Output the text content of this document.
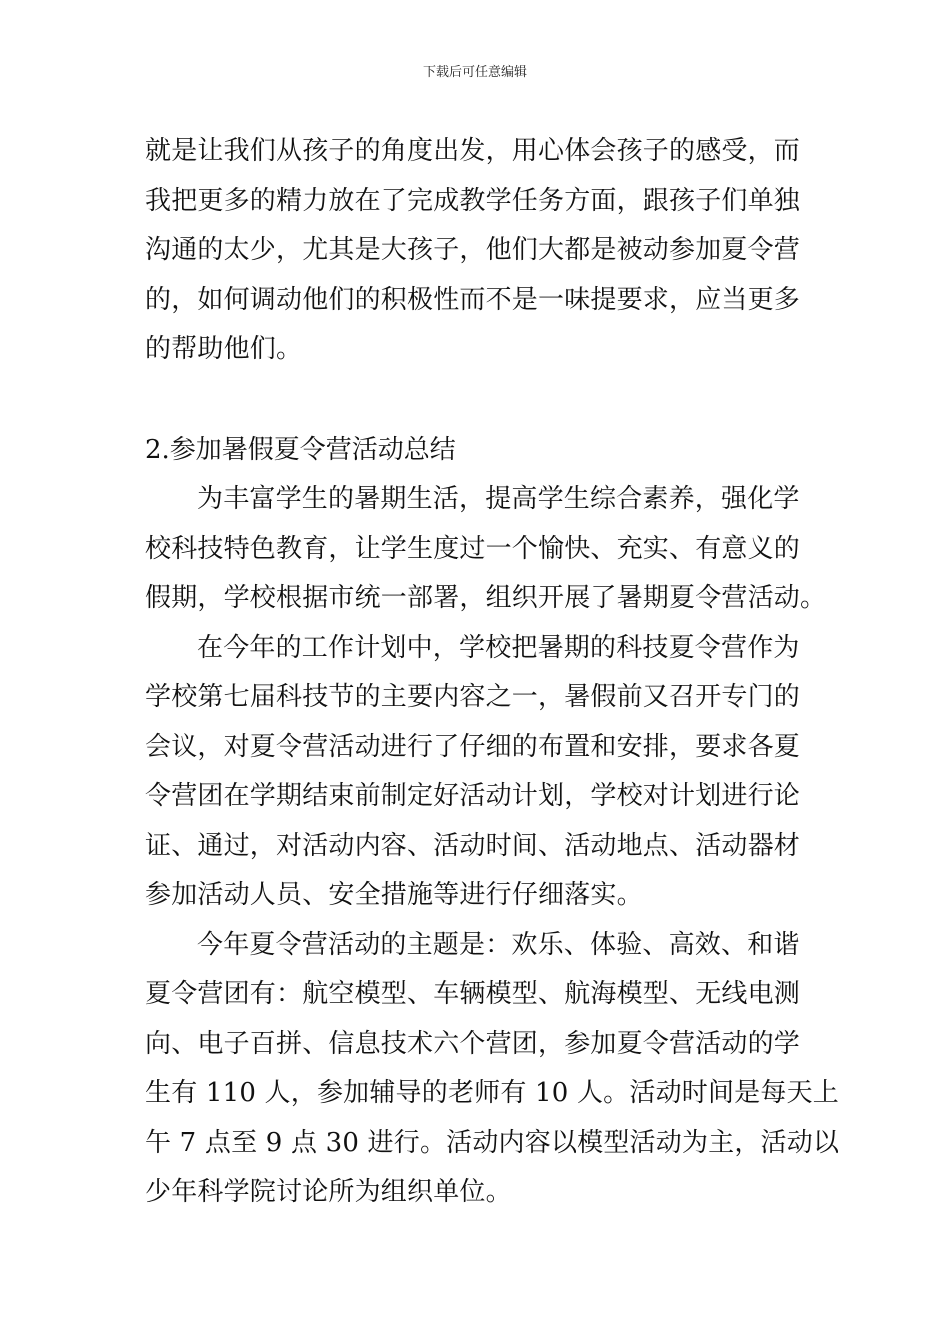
下载后可任意编辑
就是让我们从孩子的角度出发，用心体会孩子的感受，而
我把更多的精力放在了完成教学任务方面，跟孩子们单独
沟通的太少，尤其是大孩子，他们大都是被动参加夏令营
的，如何调动他们的积极性而不是一味提要求，应当更多
的帮助他们。
2.参加暑假夏令营活动总结
为丰富学生的暑期生活，提高学生综合素养，强化学
校科技特色教育，让学生度过一个愉快、充实、有意义的
假期，学校根据市统一部署，组织开展了暑期夏令营活动。
在今年的工作计划中，学校把暑期的科技夏令营作为
学校第七届科技节的主要内容之一，暑假前又召开专门的
会议，对夏令营活动进行了仔细的布置和安排，要求各夏
令营团在学期结束前制定好活动计划，学校对计划进行论
证、通过，对活动内容、活动时间、活动地点、活动器材
参加活动人员、安全措施等进行仔细落实。
今年夏令营活动的主题是：欢乐、体验、高效、和谐
夏令营团有：航空模型、车辆模型、航海模型、无线电测
向、电子百拼、信息技术六个营团，参加夏令营活动的学
生有 110 人，参加辅导的老师有 10 人。活动时间是每天上
午 7 点至 9 点 30 进行。活动内容以模型活动为主，活动以
少年科学院讨论所为组织单位。
